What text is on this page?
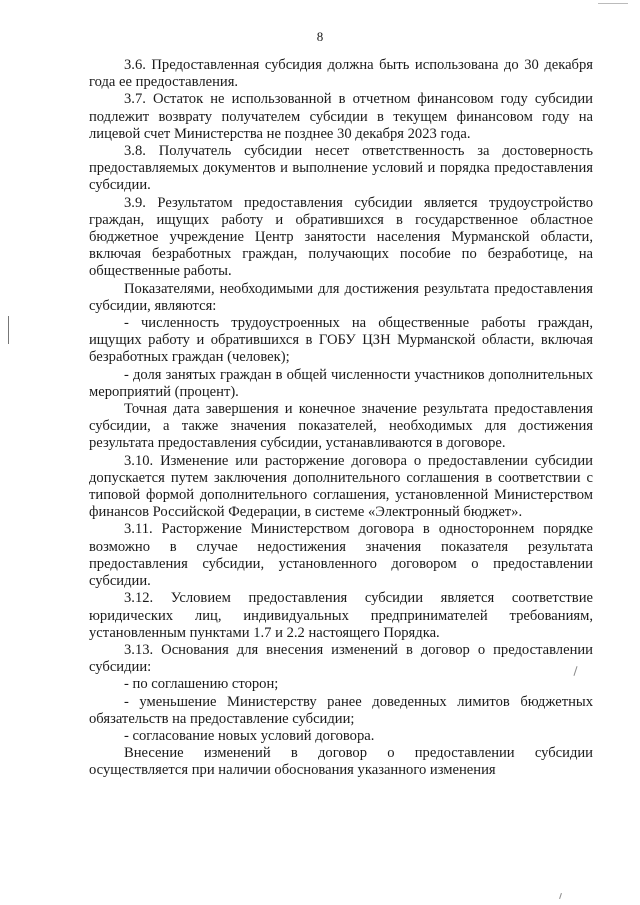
8

3.6. Предоставленная субсидия должна быть использована до 30 декабря года ее предоставления.

3.7. Остаток не использованной в отчетном финансовом году субсидии подлежит возврату получателем субсидии в текущем финансовом году на лицевой счет Министерства не позднее 30 декабря 2023 года.

3.8. Получатель субсидии несет ответственность за достоверность предоставляемых документов и выполнение условий и порядка предоставления субсидии.

3.9. Результатом предоставления субсидии является трудоустройство граждан, ищущих работу и обратившихся в государственное областное бюджетное учреждение Центр занятости населения Мурманской области, включая безработных граждан, получающих пособие по безработице, на общественные работы.

Показателями, необходимыми для достижения результата предоставления субсидии, являются:

- численность трудоустроенных на общественные работы граждан, ищущих работу и обратившихся в ГОБУ ЦЗН Мурманской области, включая безработных граждан (человек);

- доля занятых граждан в общей численности участников дополнительных мероприятий (процент).

Точная дата завершения и конечное значение результата предоставления субсидии, а также значения показателей, необходимых для достижения результата предоставления субсидии, устанавливаются в договоре.

3.10. Изменение или расторжение договора о предоставлении субсидии допускается путем заключения дополнительного соглашения в соответствии с типовой формой дополнительного соглашения, установленной Министерством финансов Российской Федерации, в системе «Электронный бюджет».

3.11. Расторжение Министерством договора в одностороннем порядке возможно в случае недостижения значения показателя результата предоставления субсидии, установленного договором о предоставлении субсидии.

3.12. Условием предоставления субсидии является соответствие юридических лиц, индивидуальных предпринимателей требованиям, установленным пунктами 1.7 и 2.2 настоящего Порядка.

3.13. Основания для внесения изменений в договор о предоставлении субсидии:

- по соглашению сторон;

- уменьшение Министерству ранее доведенных лимитов бюджетных обязательств на предоставление субсидии;

- согласование новых условий договора.

Внесение изменений в договор о предоставлении субсидии осуществляется при наличии обоснования указанного изменения
